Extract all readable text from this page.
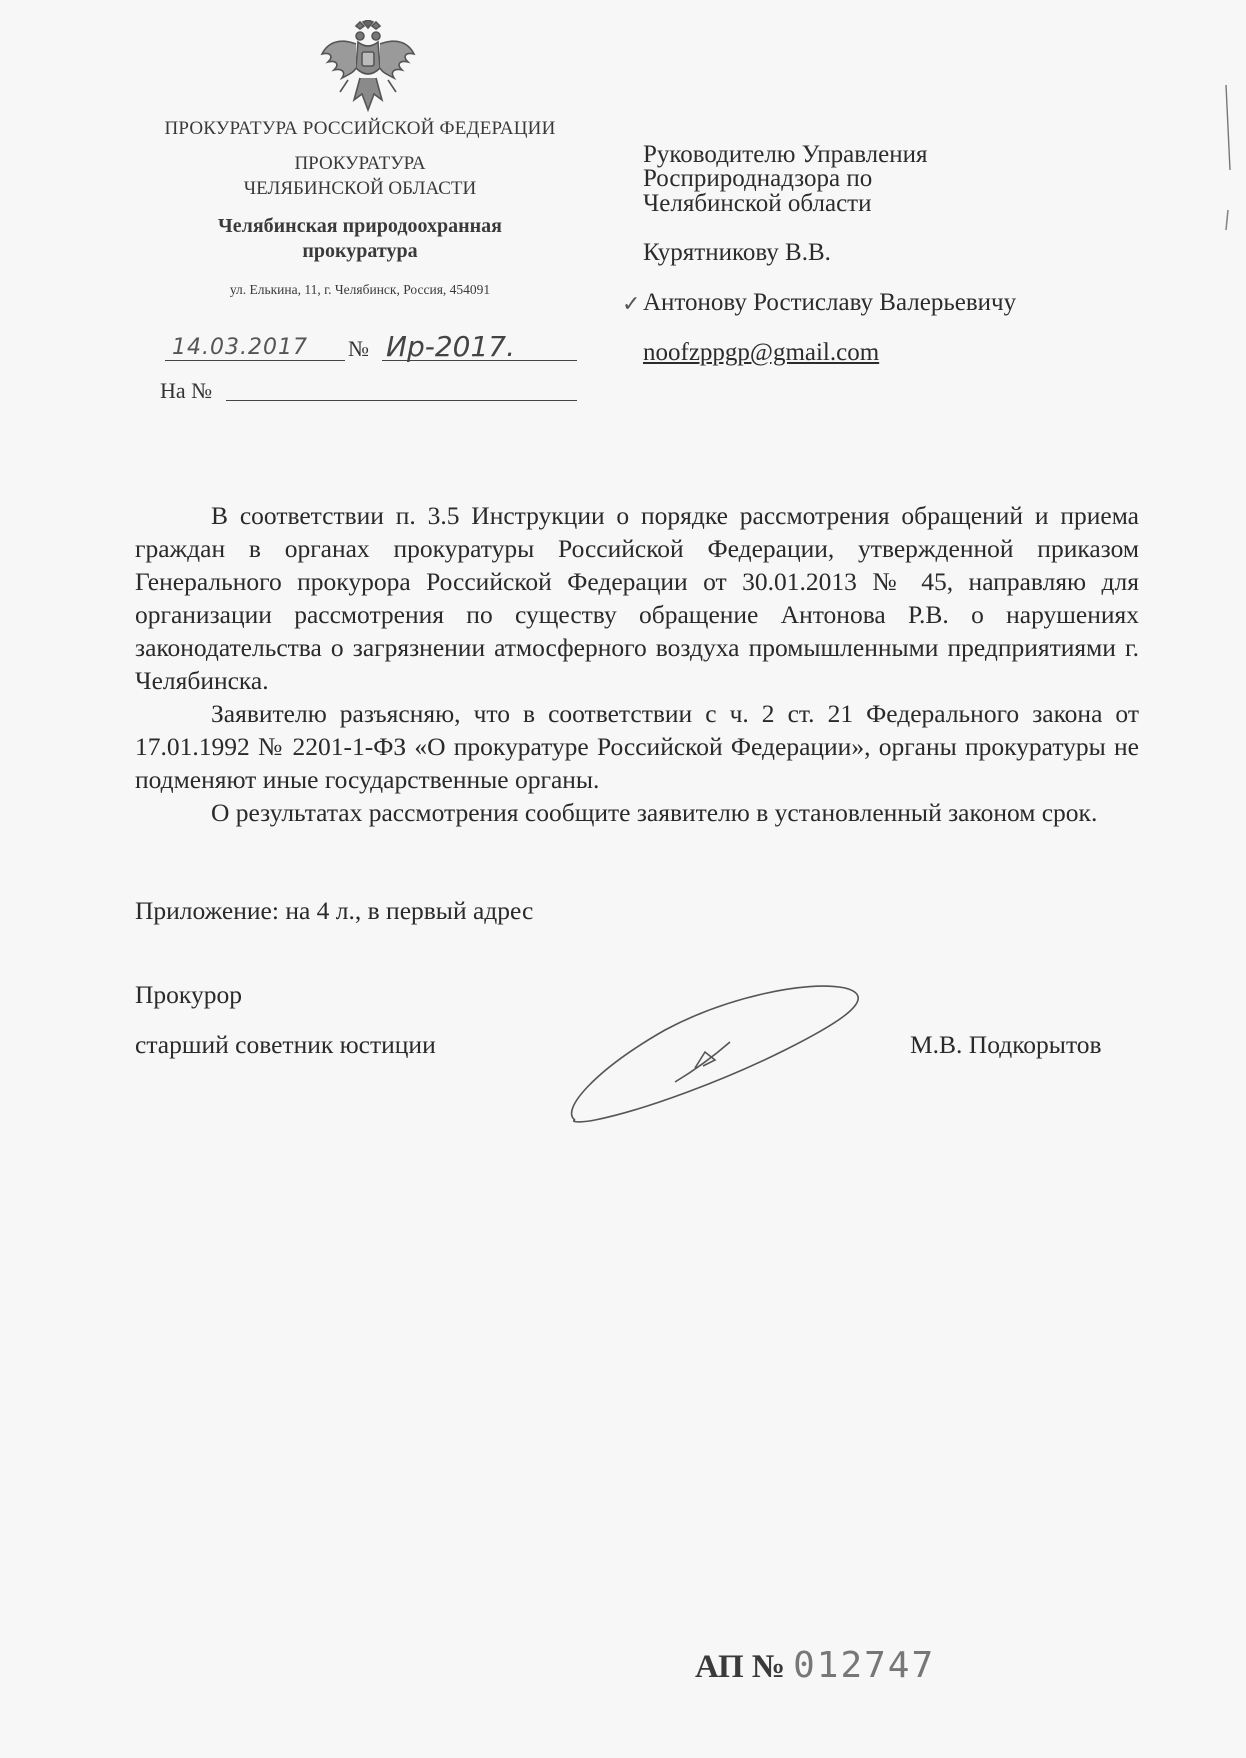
ПРОКУРАТУРА РОССИЙСКОЙ ФЕДЕРАЦИИ
ПРОКУРАТУРА
ЧЕЛЯБИНСКОЙ ОБЛАСТИ
Челябинская природоохранная
прокуратура
ул. Елькина, 11, г. Челябинск, Россия, 454091
14.03.2017 № Ир-2017.
На №
Руководителю Управления
Росприроднадзора по
Челябинской области
Курятникову В.В.
✓ Антонову Ростиславу Валерьевичу
noofzppgp@gmail.com

В соответствии п. 3.5 Инструкции о порядке рассмотрения обращений и приема граждан в органах прокуратуры Российской Федерации, утвержденной приказом Генерального прокурора Российской Федерации от 30.01.2013 № 45, направляю для организации рассмотрения по существу обращение Антонова Р.В. о нарушениях законодательства о загрязнении атмосферного воздуха промышленными предприятиями г. Челябинска.

Заявителю разъясняю, что в соответствии с ч. 2 ст. 21 Федерального закона от 17.01.1992 № 2201-1-ФЗ «О прокуратуре Российской Федерации», органы прокуратуры не подменяют иные государственные органы.

О результатах рассмотрения сообщите заявителю в установленный законом срок.

Приложение: на 4 л., в первый адрес
Прокурор
старший советник юстиции	М.В. Подкорытов
АП № 012747
